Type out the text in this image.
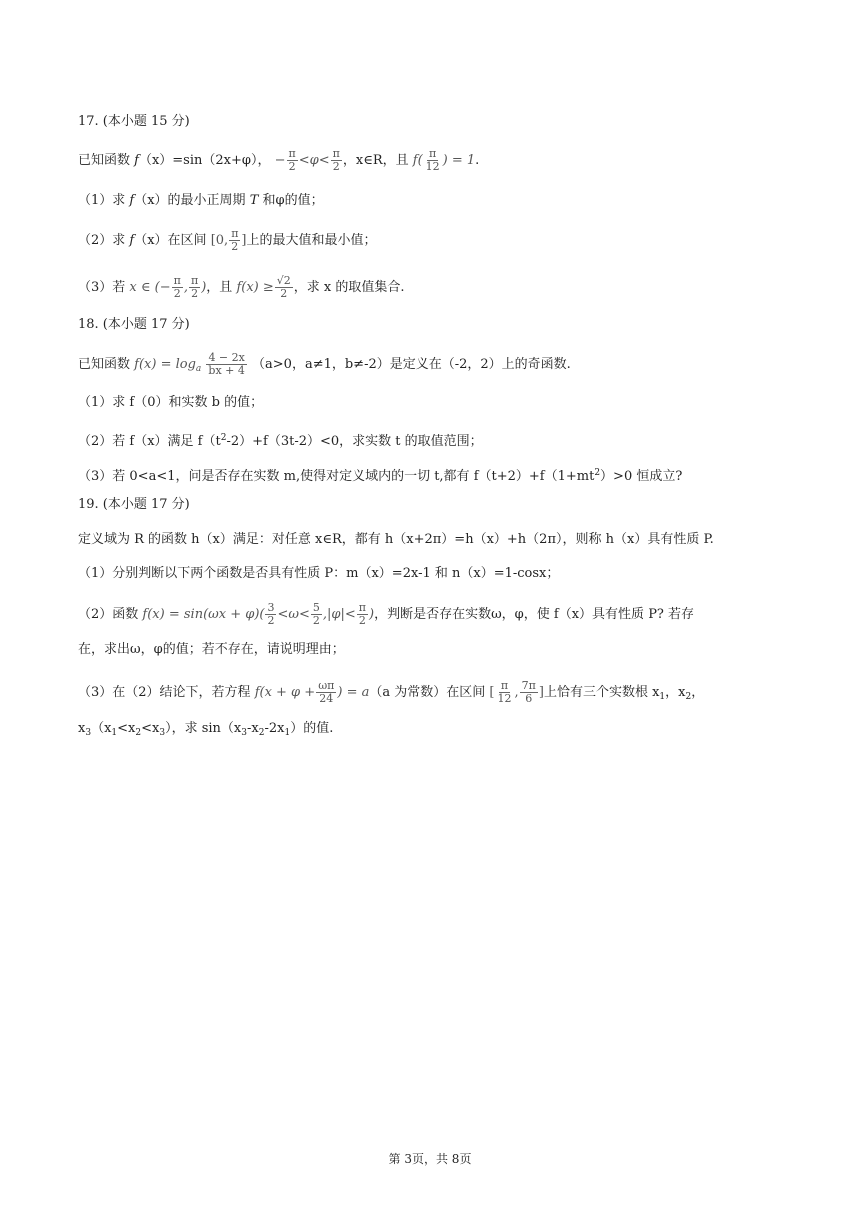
17. (本小题 15 分)
已知函数 f（x）=sin（2x+φ）， − $\frac{\pi}{2} <\varphi< \frac{\pi}{2}$ ，x∈R，且 $f( \frac{\pi}{12}$ ) = 1.
（1）求 f（x）的最小正周期 T 和φ的值；
（2）求 f（x）在区间 [0, $\frac{\pi}{2}$ ]上的最大值和最小值；
（3）若 x ∈ (− $\frac{\pi}{2}$ , $\frac{\pi}{2}$ )，且 $f(x) \ge \frac{√2}{2}$ ，求 x 的取值集合.
18. (本小题 17 分)
已知函数 $f(x) = \log_a \frac{4 - 2x}{bx + 4} (a>0$，a≠1，b≠-2）是定义在（-2，2）上的奇函数.
（1）求 f（0）和实数 b 的值；
（2）若 f（x）满足 $f(t^2-2)+f(3t-2)<0$，求实数 t 的取值范围；
（3）若 0<a<1，问是否存在实数 m,使得对定义域内的一切 t,都有 $f(t+2)+f(1+mt^2)>0$ 恒成立?
19. (本小题 17 分)
定义域为 R 的函数 h（x）满足：对任意 x∈R，都有 h（x+2π）=h（x）+h（2π），则称 h（x）具有性质 P.
（1）分别判断以下两个函数是否具有性质 P：m（x）=2x-1 和 n（x）=1-cosx；
（2）函数 $f(x) = \sin(\omega x + \varphi)( \frac{3}{2} <\omega< \frac{5}{2} ,|\varphi|< \frac{\pi}{2}$ )，判断是否存在实数ω，φ，使 f（x）具有性质 P? 若存
在，求出ω，φ的值；若不存在，请说明理由；
（3）在（2）结论下，若方程 $f(x + \varphi + \frac{\omega\pi}{24}$ ) = a（a 为常数）在区间 [ $\frac{\pi}{12}$ , $\frac{7\pi}{6}$ ]上恰有三个实数根 $x_1$，$x_2$，
$x_3(x_1<x_2<x_3)$，求 $\sin(x_3-x_2-2x_1)$的值.
第 3页，共 8页
